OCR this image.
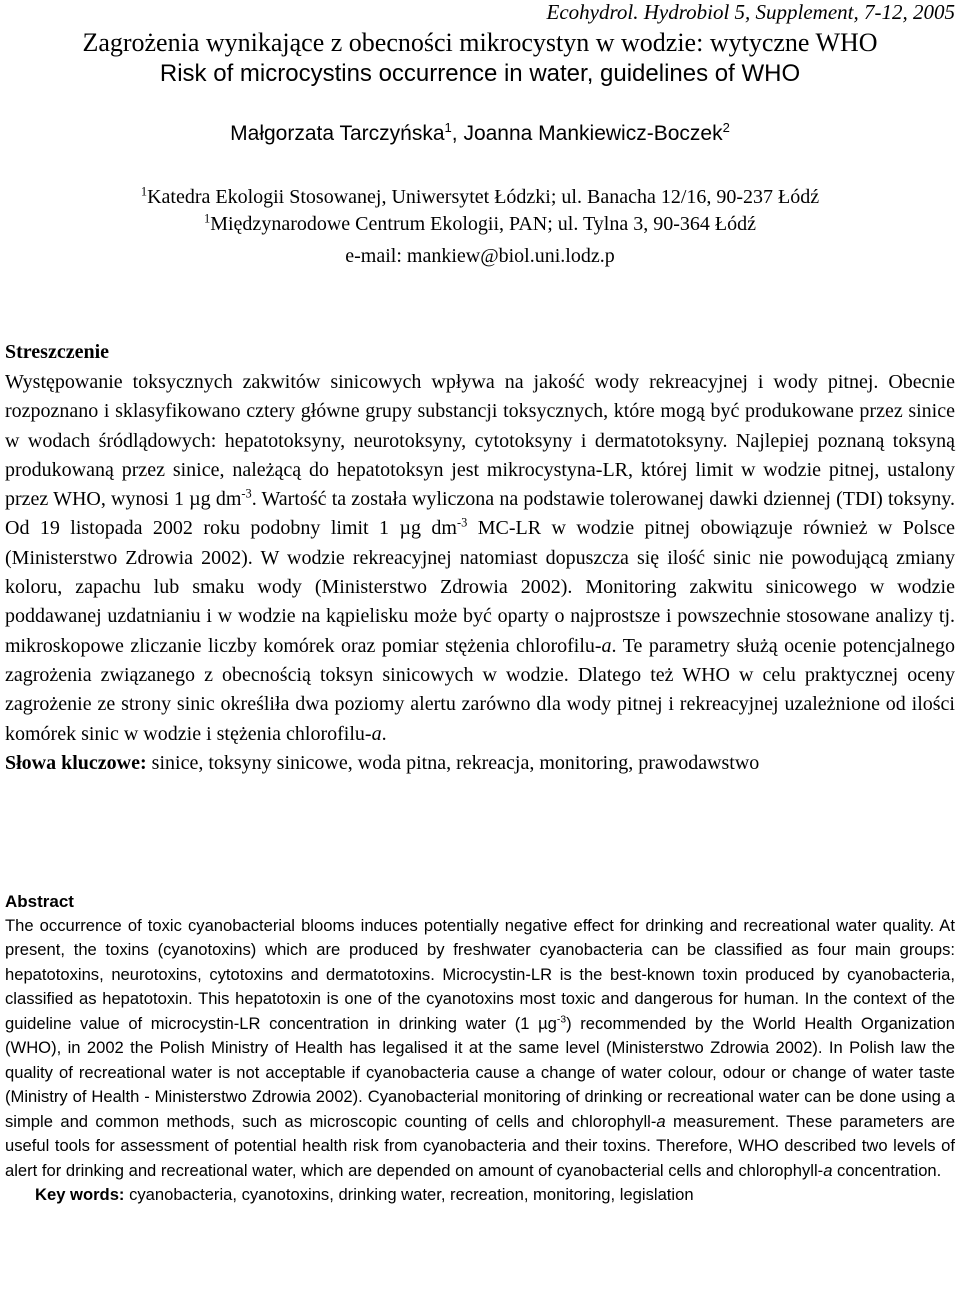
Ecohydrol. Hydrobiol 5, Supplement, 7-12, 2005
Zagrożenia wynikające z obecności mikrocystyn w wodzie: wytyczne WHO
Risk of microcystins occurrence in water, guidelines of WHO
Małgorzata Tarczyńska$^1$, Joanna Mankiewicz-Boczek$^2$
$^1$Katedra Ekologii Stosowanej, Uniwersytet Łódzki; ul. Banacha 12/16, 90-237 Łódź
$^1$Międzynarodowe Centrum Ekologii, PAN; ul. Tylna 3, 90-364 Łódź
e-mail: mankiew@biol.uni.lodz.p
Streszczenie

Występowanie toksycznych zakwitów sinicowych wpływa na jakość wody rekreacyjnej i wody pitnej. Obecnie rozpoznano i sklasyfikowano cztery główne grupy substancji toksycznych, które mogą być produkowane przez sinice w wodach śródlądowych: hepatotoksyny, neurotoksyny, cytotoksyny i dermatotoksyny. Najlepiej poznaną toksyną produkowaną przez sinice, należącą do hepatotoksyn jest mikrocystyna-LR, której limit w wodzie pitnej, ustalony przez WHO, wynosi 1 µg $dm^{-3}$. Wartość ta została wyliczona na podstawie tolerowanej dawki dziennej (TDI) toksyny. Od 19 listopada 2002 roku podobny limit 1 µg $dm^{-3}$ MC-LR w wodzie pitnej obowiązuje również w Polsce (Ministerstwo Zdrowia 2002). W wodzie rekreacyjnej natomiast dopuszcza się ilość sinic nie powodującą zmiany koloru, zapachu lub smaku wody (Ministerstwo Zdrowia 2002). Monitoring zakwitu sinicowego w wodzie poddawanej uzdatnianiu i w wodzie na kąpielisku może być oparty o najprostsze i powszechnie stosowane analizy tj. mikroskopowe zliczanie liczby komórek oraz pomiar stężenia chlorofilu-a. Te parametry służą ocenie potencjalnego zagrożenia związanego z obecnością toksyn sinicowych w wodzie. Dlatego też WHO w celu praktycznej oceny zagrożenie ze strony sinic określiła dwa poziomy alertu zarówno dla wody pitnej i rekreacyjnej uzależnione od ilości komórek sinic w wodzie i stężenia chlorofilu-a.

Słowa kluczowe: sinice, toksyny sinicowe, woda pitna, rekreacja, monitoring, prawodawstwo

Abstract

The occurrence of toxic cyanobacterial blooms induces potentially negative effect for drinking and recreational water quality. At present, the toxins (cyanotoxins) which are produced by freshwater cyanobacteria can be classified as four main groups: hepatotoxins, neurotoxins, cytotoxins and dermatotoxins. Microcystin-LR is the best-known toxin produced by cyanobacteria, classified as hepatotoxin. This hepatotoxin is one of the cyanotoxins most toxic and dangerous for human. In the context of the guideline value of microcystin-LR concentration in drinking water (1 µg$^{-3}$) recommended by the World Health Organization (WHO), in 2002 the Polish Ministry of Health has legalised it at the same level (Ministerstwo Zdrowia 2002). In Polish law the quality of recreational water is not acceptable if cyanobacteria cause a change of water colour, odour or change of water taste (Ministry of Health - Ministerstwo Zdrowia 2002). Cyanobacterial monitoring of drinking or recreational water can be done using a simple and common methods, such as microscopic counting of cells and chlorophyll-a measurement. These parameters are useful tools for assessment of potential health risk from cyanobacteria and their toxins. Therefore, WHO described two levels of alert for drinking and recreational water, which are depended on amount of cyanobacterial cells and chlorophyll-a concentration.

Key words: cyanobacteria, cyanotoxins, drinking water, recreation, monitoring, legislation
